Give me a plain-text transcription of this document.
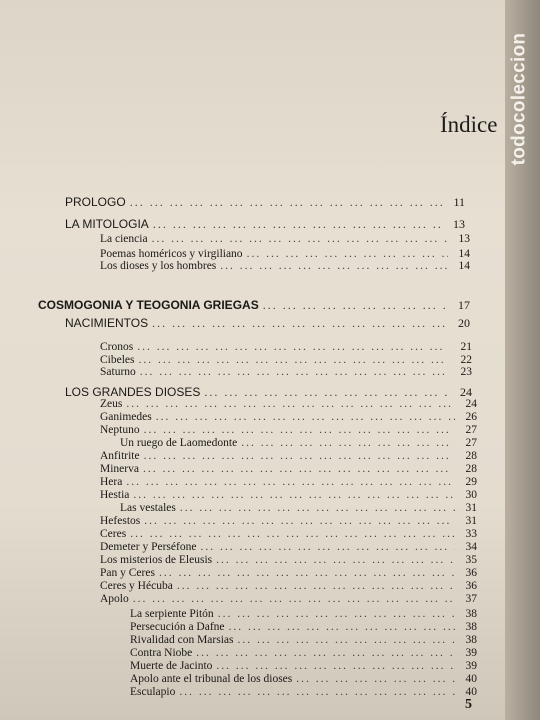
todocoleccion
Índice
PROLOGO ... .	11
LA MITOLOGIA ... .	13
La ciencia ... .	13
Poemas homéricos y virgiliano ... .	14
Los dioses y los hombres ... .	14
COSMOGONIA Y TEOGONIA GRIEGAS ... .	17
NACIMIENTOS ... .	20
Cronos ... .	21
Cibeles ... .	22
Saturno ... .	23
LOS GRANDES DIOSES ... .	24
Zeus ... .	24
Ganimedes ... .	26
Neptuno ... .	27
Un ruego de Laomedonte ... .	27
Anfitrite ... .	28
Minerva ... .	28
Hera ... .	29
Hestia ... .	30
Las vestales ... .	31
Hefestos ... .	31
Ceres ... .	33
Demeter y Perséfone ... .	34
Los misterios de Eleusis ... .	35
Pan y Ceres ... .	36
Ceres y Hécuba ... .	36
Apolo ... .	37
La serpiente Pitón ... .	38
Persecución a Dafne ... .	38
Rivalidad con Marsias ... .	38
Contra Niobe ... .	39
Muerte de Jacinto ... .	39
Apolo ante el tribunal de los dioses ... .	40
Esculapio ... .	40
5
